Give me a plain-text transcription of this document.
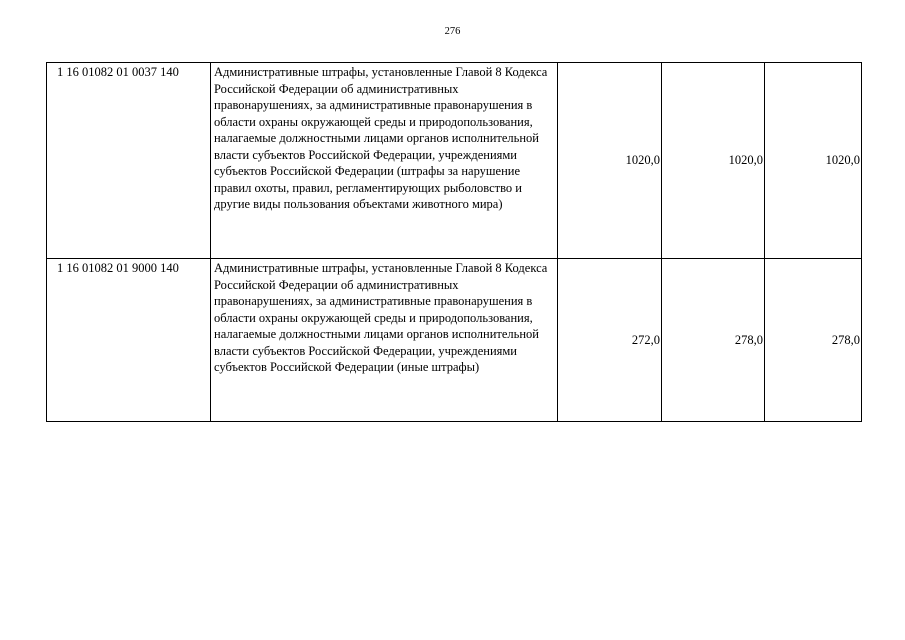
276
1 16 01082 01 0037 140	Административные штрафы, установленные Главой 8 Кодекса Российской Федерации об административных правонарушениях, за административные правонарушения в области охраны окружающей среды и природопользования, налагаемые должностными лицами органов исполнительной власти субъектов Российской Федерации, учреждениями субъектов Российской Федерации (штрафы за нарушение правил охоты, правил, регламентирующих рыболовство и другие виды пользования объектами животного мира)	1020,0	1020,0	1020,0
1 16 01082 01 9000 140	Административные штрафы, установленные Главой 8 Кодекса Российской Федерации об административных правонарушениях, за административные правонарушения в области охраны окружающей среды и природопользования, налагаемые должностными лицами органов исполнительной власти субъектов Российской Федерации, учреждениями субъектов Российской Федерации (иные штрафы)	272,0	278,0	278,0
